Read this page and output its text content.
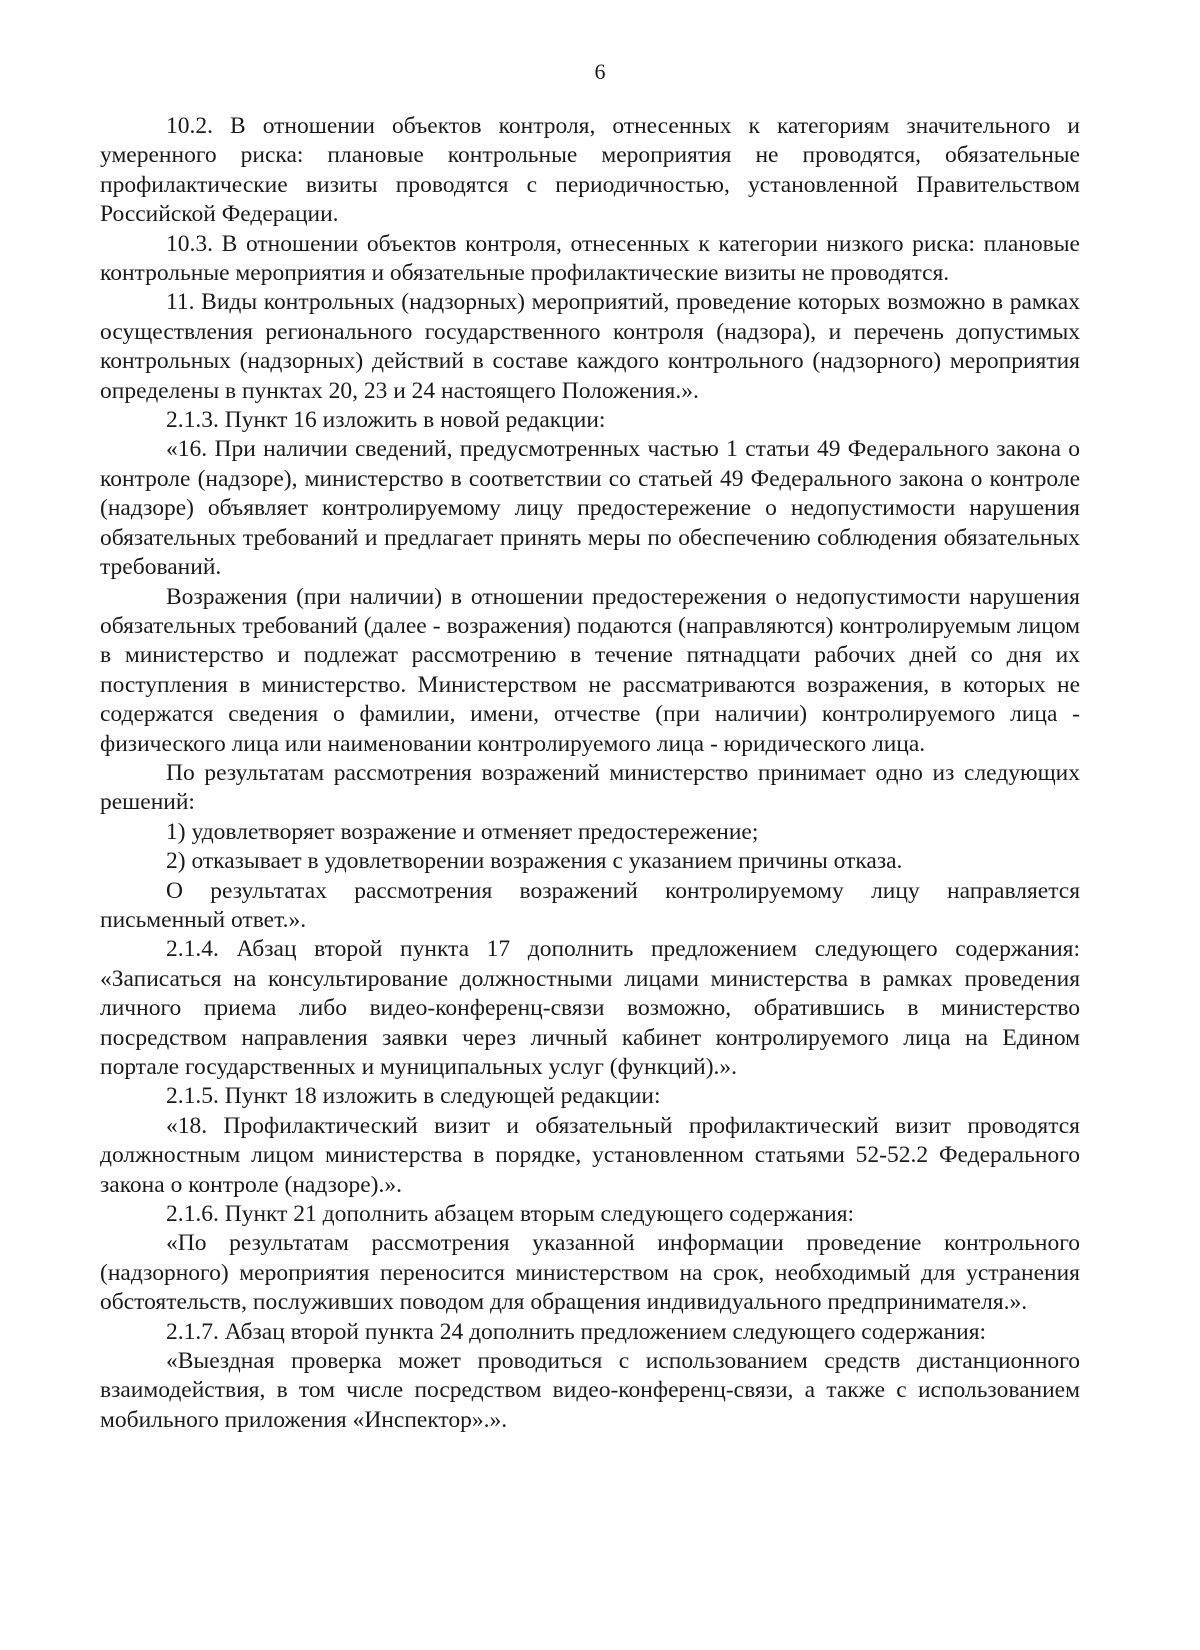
6

10.2. В отношении объектов контроля, отнесенных к категориям значительного и умеренного риска: плановые контрольные мероприятия не проводятся, обязательные профилактические визиты проводятся с периодичностью, установленной Правительством Российской Федерации.

10.3. В отношении объектов контроля, отнесенных к категории низкого риска: плановые контрольные мероприятия и обязательные профилактические визиты не проводятся.

11. Виды контрольных (надзорных) мероприятий, проведение которых возможно в рамках осуществления регионального государственного контроля (надзора), и перечень допустимых контрольных (надзорных) действий в составе каждого контрольного (надзорного) мероприятия определены в пунктах 20, 23 и 24 настоящего Положения.».

2.1.3. Пункт 16 изложить в новой редакции:

«16. При наличии сведений, предусмотренных частью 1 статьи 49 Федерального закона о контроле (надзоре), министерство в соответствии со статьей 49 Федерального закона о контроле (надзоре) объявляет контролируемому лицу предостережение о недопустимости нарушения обязательных требований и предлагает принять меры по обеспечению соблюдения обязательных требований.

Возражения (при наличии) в отношении предостережения о недопустимости нарушения обязательных требований (далее - возражения) подаются (направляются) контролируемым лицом в министерство и подлежат рассмотрению в течение пятнадцати рабочих дней со дня их поступления в министерство. Министерством не рассматриваются возражения, в которых не содержатся сведения о фамилии, имени, отчестве (при наличии) контролируемого лица - физического лица или наименовании контролируемого лица - юридического лица.

По результатам рассмотрения возражений министерство принимает одно из следующих решений:

1) удовлетворяет возражение и отменяет предостережение;

2) отказывает в удовлетворении возражения с указанием причины отказа.

О результатах рассмотрения возражений контролируемому лицу направляется письменный ответ.».

2.1.4. Абзац второй пункта 17 дополнить предложением следующего содержания: «Записаться на консультирование должностными лицами министерства в рамках проведения личного приема либо видео-конференц-связи возможно, обратившись в министерство посредством направления заявки через личный кабинет контролируемого лица на Едином портале государственных и муниципальных услуг (функций).».

2.1.5. Пункт 18 изложить в следующей редакции:

«18. Профилактический визит и обязательный профилактический визит проводятся должностным лицом министерства в порядке, установленном статьями 52-52.2 Федерального закона о контроле (надзоре).».

2.1.6. Пункт 21 дополнить абзацем вторым следующего содержания:

«По результатам рассмотрения указанной информации проведение контрольного (надзорного) мероприятия переносится министерством на срок, необходимый для устранения обстоятельств, послуживших поводом для обращения индивидуального предпринимателя.».

2.1.7. Абзац второй пункта 24 дополнить предложением следующего содержания:

«Выездная проверка может проводиться с использованием средств дистанционного взаимодействия, в том числе посредством видео-конференц-связи, а также с использованием мобильного приложения «Инспектор».».
